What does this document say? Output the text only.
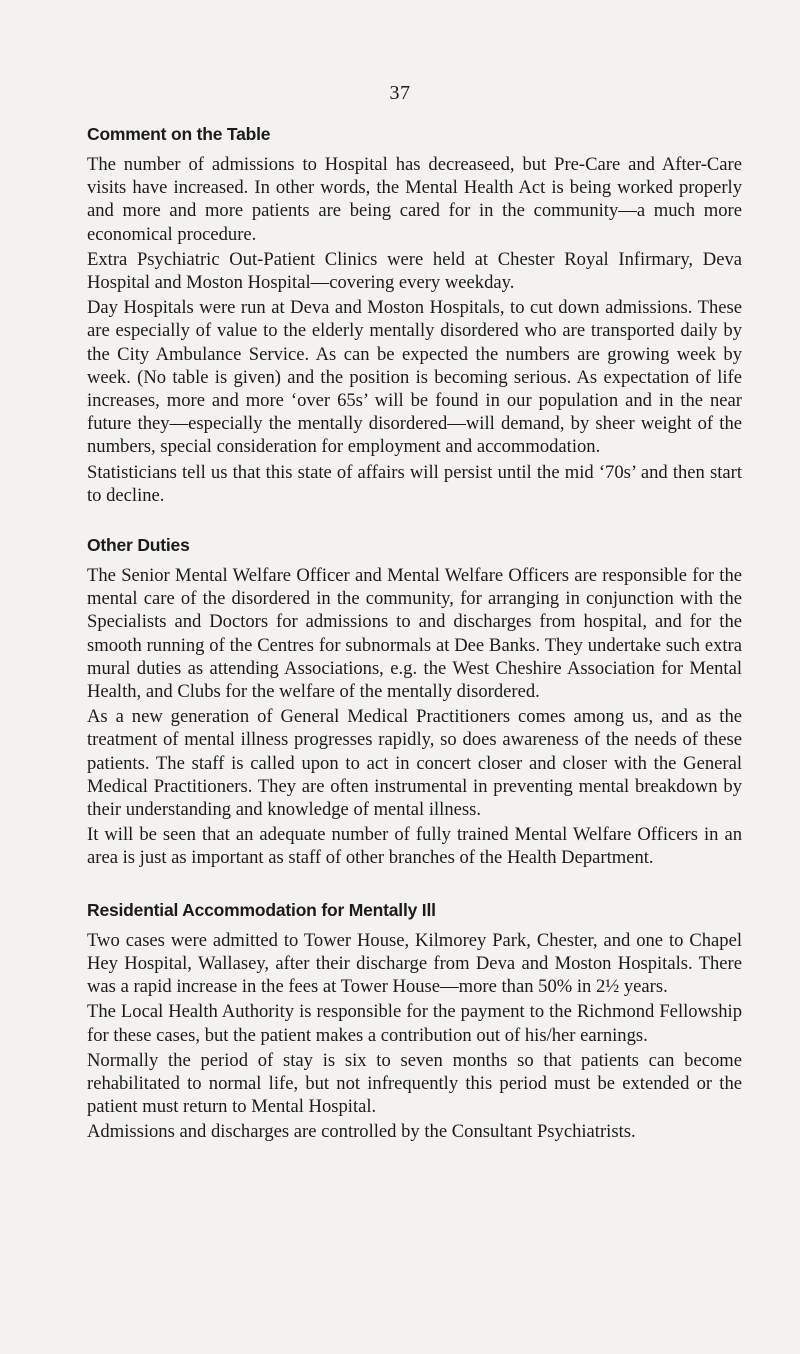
37
Comment on the Table

The number of admissions to Hospital has decreaseed, but Pre-Care and After-Care visits have increased. In other words, the Mental Health Act is being worked properly and more and more patients are being cared for in the community—a much more economical procedure.

Extra Psychiatric Out-Patient Clinics were held at Chester Royal Infirmary, Deva Hospital and Moston Hospital—covering every weekday.

Day Hospitals were run at Deva and Moston Hospitals, to cut down admissions. These are especially of value to the elderly mentally disordered who are transported daily by the City Ambulance Service. As can be expected the numbers are growing week by week. (No table is given) and the position is becoming serious. As expectation of life increases, more and more ‘over 65s’ will be found in our population and in the near future they—especially the mentally disordered—will demand, by sheer weight of the numbers, special consideration for employment and accommodation.

Statisticians tell us that this state of affairs will persist until the mid ‘70s’ and then start to decline.

Other Duties

The Senior Mental Welfare Officer and Mental Welfare Officers are responsible for the mental care of the disordered in the community, for arranging in conjunction with the Specialists and Doctors for admissions to and discharges from hospital, and for the smooth running of the Centres for subnormals at Dee Banks. They undertake such extra mural duties as attending Associations, e.g. the West Cheshire Association for Mental Health, and Clubs for the welfare of the mentally disordered.

As a new generation of General Medical Practitioners comes among us, and as the treatment of mental illness progresses rapidly, so does awareness of the needs of these patients. The staff is called upon to act in concert closer and closer with the General Medical Practitioners. They are often instrumental in preventing mental breakdown by their understanding and knowledge of mental illness.

It will be seen that an adequate number of fully trained Mental Welfare Officers in an area is just as important as staff of other branches of the Health Department.

Residential Accommodation for Mentally Ill

Two cases were admitted to Tower House, Kilmorey Park, Chester, and one to Chapel Hey Hospital, Wallasey, after their discharge from Deva and Moston Hospitals. There was a rapid increase in the fees at Tower House—more than 50% in 2½ years.

The Local Health Authority is responsible for the payment to the Richmond Fellowship for these cases, but the patient makes a contribution out of his/her earnings.

Normally the period of stay is six to seven months so that patients can become rehabilitated to normal life, but not infrequently this period must be extended or the patient must return to Mental Hospital.

Admissions and discharges are controlled by the Consultant Psychiatrists.
